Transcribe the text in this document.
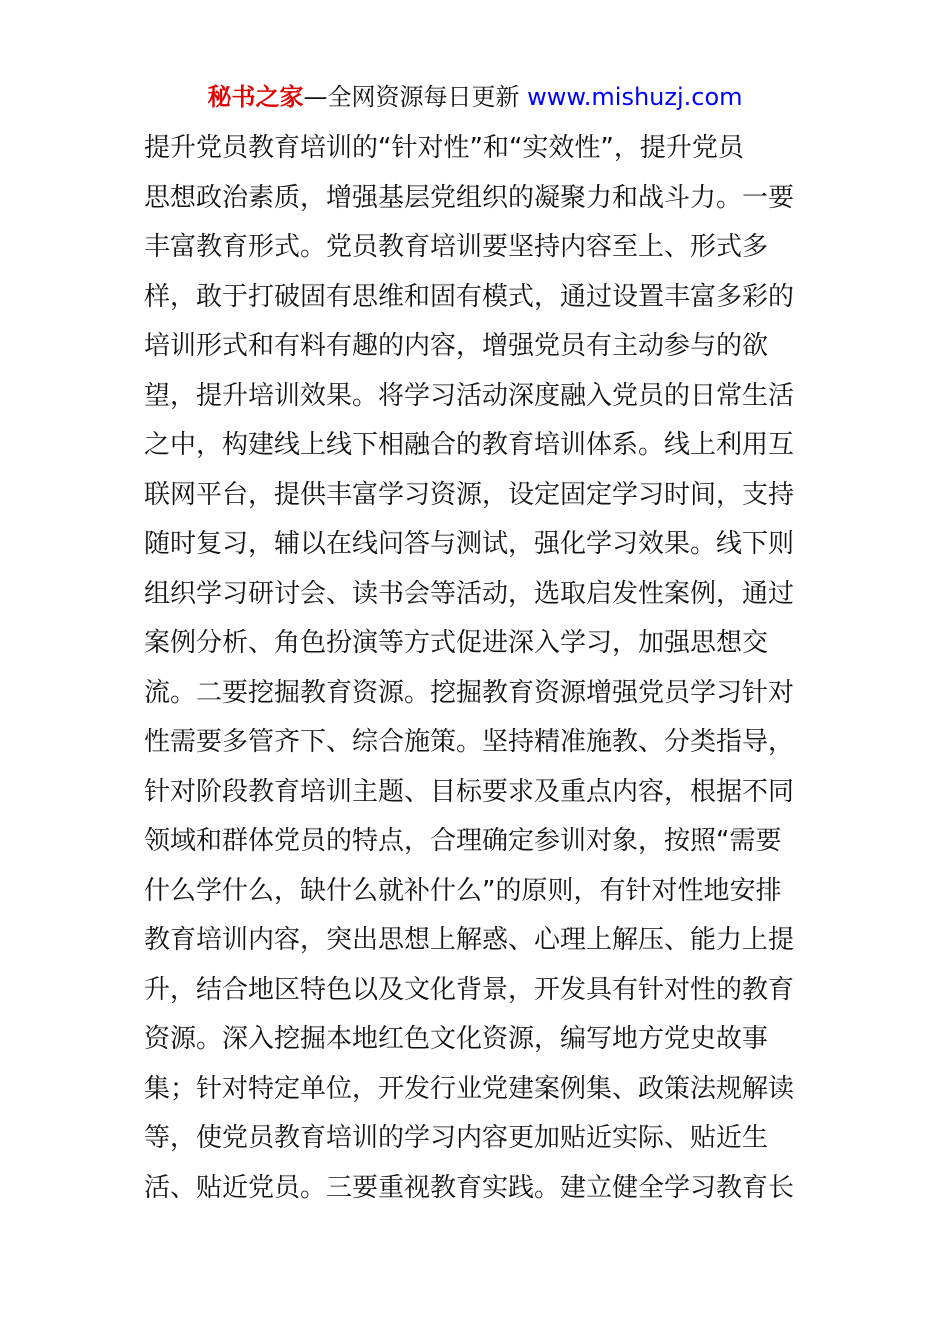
秘书之家—全网资源每日更新 www.mishuzj.com
提升党员教育培训的“针对性”和“实效性”，提升党员
思想政治素质，增强基层党组织的凝聚力和战斗力。一要
丰富教育形式。党员教育培训要坚持内容至上、形式多
样，敢于打破固有思维和固有模式，通过设置丰富多彩的
培训形式和有料有趣的内容，增强党员有主动参与的欲
望，提升培训效果。将学习活动深度融入党员的日常生活
之中，构建线上线下相融合的教育培训体系。线上利用互
联网平台，提供丰富学习资源，设定固定学习时间，支持
随时复习，辅以在线问答与测试，强化学习效果。线下则
组织学习研讨会、读书会等活动，选取启发性案例，通过
案例分析、角色扮演等方式促进深入学习，加强思想交
流。二要挖掘教育资源。挖掘教育资源增强党员学习针对
性需要多管齐下、综合施策。坚持精准施教、分类指导，
针对阶段教育培训主题、目标要求及重点内容，根据不同
领域和群体党员的特点，合理确定参训对象，按照“需要
什么学什么，缺什么就补什么”的原则，有针对性地安排
教育培训内容，突出思想上解惑、心理上解压、能力上提
升，结合地区特色以及文化背景，开发具有针对性的教育
资源。深入挖掘本地红色文化资源，编写地方党史故事
集；针对特定单位，开发行业党建案例集、政策法规解读
等，使党员教育培训的学习内容更加贴近实际、贴近生
活、贴近党员。三要重视教育实践。建立健全学习教育长
